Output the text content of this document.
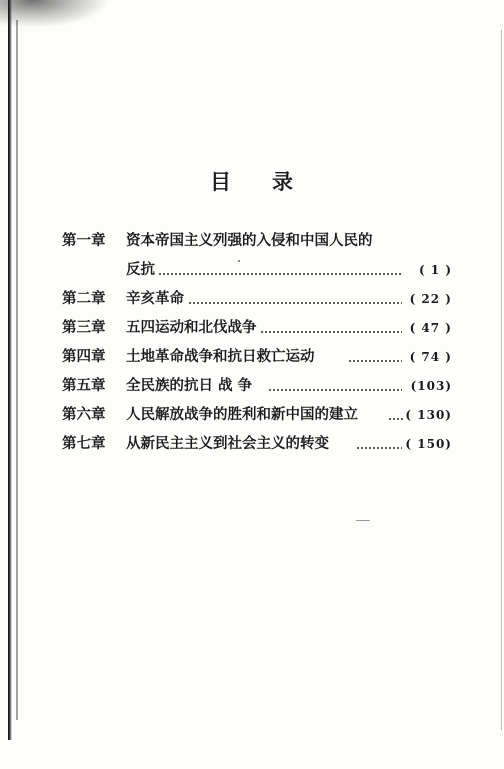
目 录
第一章	资本帝国主义列强的入侵和中国人民的
反抗	( 1 )
第二章	辛亥革命	( 22 )
第三章	五四运动和北伐战争	( 47 )
第四章	土地革命战争和抗日救亡运动	( 74 )
第五章	全民族的抗日 战 争	(103)
第六章	人民解放战争的胜利和新中国的建立	( 130)
第七章	从新民主主义到社会主义的转变	( 150)
